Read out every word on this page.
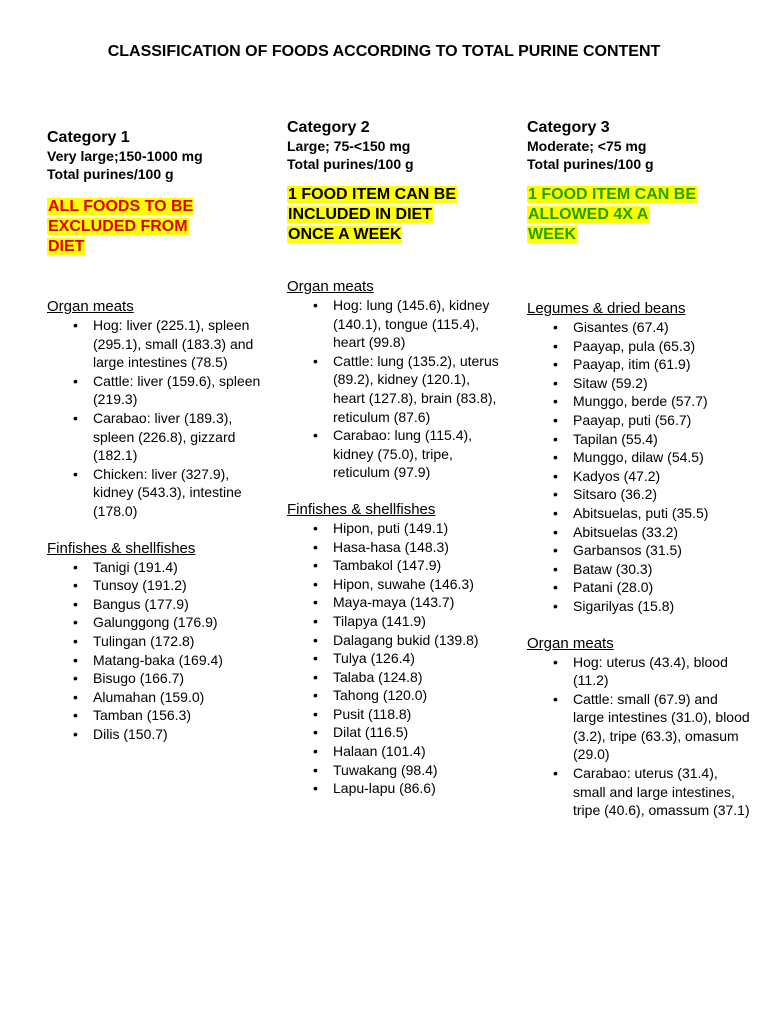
CLASSIFICATION OF FOODS ACCORDING TO TOTAL PURINE CONTENT
Category 1
Very large;150-1000 mg
Total purines/100 g
ALL FOODS TO BE
EXCLUDED FROM
DIET
Organ meats
• Hog: liver (225.1), spleen (295.1), small (183.3) and large intestines (78.5)
• Cattle: liver (159.6), spleen (219.3)
• Carabao: liver (189.3), spleen (226.8), gizzard (182.1)
• Chicken: liver (327.9), kidney (543.3), intestine (178.0)
Finfishes & shellfishes
• Tanigi (191.4)
• Tunsoy (191.2)
• Bangus (177.9)
• Galunggong (176.9)
• Tulingan (172.8)
• Matang-baka (169.4)
• Bisugo (166.7)
• Alumahan (159.0)
• Tamban (156.3)
• Dilis (150.7)
Category 2
Large; 75-<150 mg
Total purines/100 g
1 FOOD ITEM CAN BE
INCLUDED IN DIET
ONCE A WEEK
Organ meats
• Hog: lung (145.6), kidney (140.1), tongue (115.4), heart (99.8)
• Cattle: lung (135.2), uterus (89.2), kidney (120.1), heart (127.8), brain (83.8), reticulum (87.6)
• Carabao: lung (115.4), kidney (75.0), tripe, reticulum (97.9)
Finfishes & shellfishes
• Hipon, puti (149.1)
• Hasa-hasa (148.3)
• Tambakol (147.9)
• Hipon, suwahe (146.3)
• Maya-maya (143.7)
• Tilapya (141.9)
• Dalagang bukid (139.8)
• Tulya (126.4)
• Talaba (124.8)
• Tahong (120.0)
• Pusit (118.8)
• Dilat (116.5)
• Halaan (101.4)
• Tuwakang (98.4)
• Lapu-lapu (86.6)
Category 3
Moderate; <75 mg
Total purines/100 g
1 FOOD ITEM CAN BE
ALLOWED 4X A
WEEK
Legumes & dried beans
• Gisantes (67.4)
• Paayap, pula (65.3)
• Paayap, itim (61.9)
• Sitaw (59.2)
• Munggo, berde (57.7)
• Paayap, puti (56.7)
• Tapilan (55.4)
• Munggo, dilaw (54.5)
• Kadyos (47.2)
• Sitsaro (36.2)
• Abitsuelas, puti (35.5)
• Abitsuelas (33.2)
• Garbansos (31.5)
• Bataw (30.3)
• Patani (28.0)
• Sigarilyas (15.8)
Organ meats
• Hog: uterus (43.4), blood (11.2)
• Cattle: small (67.9) and large intestines (31.0), blood (3.2), tripe (63.3), omasum (29.0)
• Carabao: uterus (31.4), small and large intestines, tripe (40.6), omassum (37.1)
